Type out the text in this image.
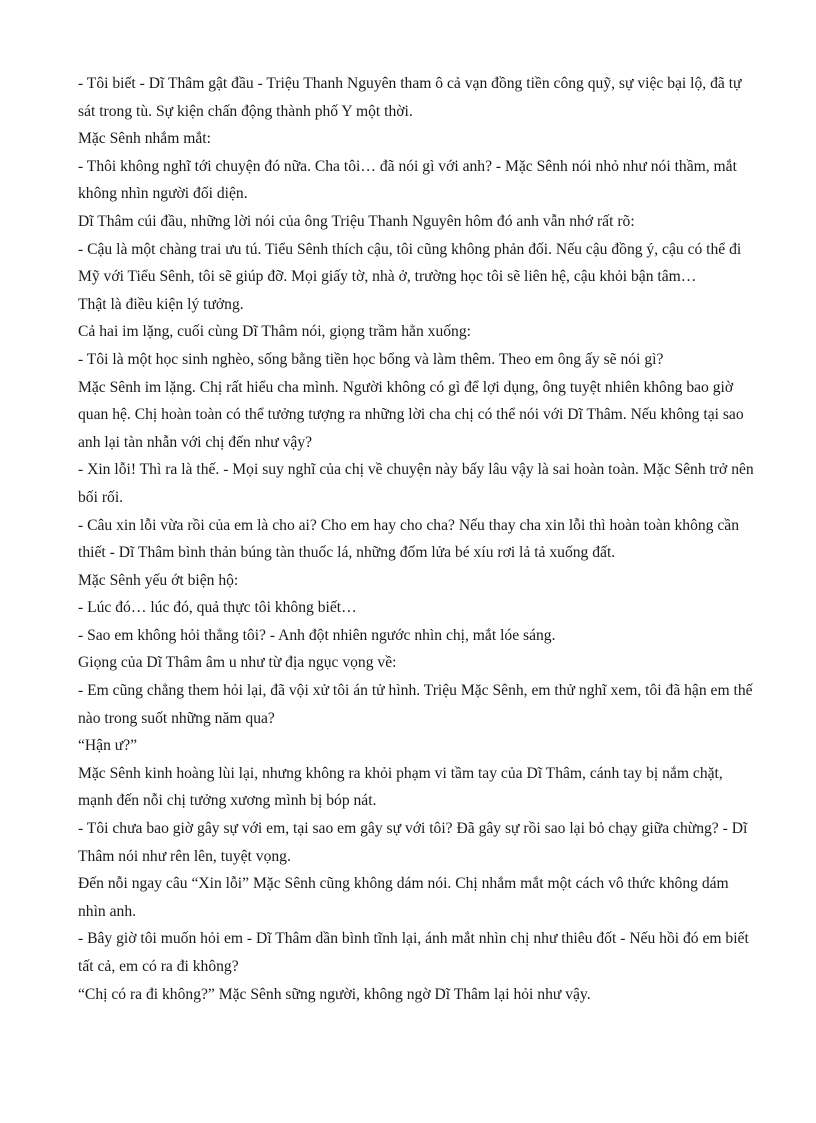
- Tôi biết - Dĩ Thâm gật đầu - Triệu Thanh Nguyên tham ô cả vạn đồng tiền công quỹ, sự việc bại lộ, đã tự sát trong tù. Sự kiện chấn động thành phố Y một thời.

Mặc Sênh nhắm mắt:

- Thôi không nghĩ tới chuyện đó nữa. Cha tôi… đã nói gì với anh? - Mặc Sênh nói nhỏ như nói thầm, mắt không nhìn người đối diện.

Dĩ Thâm cúi đầu, những lời nói của ông Triệu Thanh Nguyên hôm đó anh vẫn nhớ rất rõ:

- Cậu là một chàng trai ưu tú. Tiểu Sênh thích cậu, tôi cũng không phản đối. Nếu cậu đồng ý, cậu có thể đi Mỹ với Tiểu Sênh, tôi sẽ giúp đỡ. Mọi giấy tờ, nhà ở, trường học tôi sẽ liên hệ, cậu khỏi bận tâm…

Thật là điều kiện lý tưởng.

Cả hai im lặng, cuối cùng Dĩ Thâm nói, giọng trầm hẳn xuống:

- Tôi là một học sinh nghèo, sống bằng tiền học bổng và làm thêm. Theo em ông ấy sẽ nói gì?

Mặc Sênh im lặng. Chị rất hiểu cha mình. Người không có gì để lợi dụng, ông tuyệt nhiên không bao giờ quan hệ. Chị hoàn toàn có thể tưởng tượng ra những lời cha chị có thể nói với Dĩ Thâm. Nếu không tại sao anh lại tàn nhẫn với chị đến như vậy?

- Xin lỗi! Thì ra là thế. - Mọi suy nghĩ của chị về chuyện này bấy lâu vậy là sai hoàn toàn. Mặc Sênh trở nên bối rối.

- Câu xin lỗi vừa rồi của em là cho ai? Cho em hay cho cha? Nếu thay cha xin lỗi thì hoàn toàn không cần thiết - Dĩ Thâm bình thản búng tàn thuốc lá, những đốm lửa bé xíu rơi lả tả xuống đất.

Mặc Sênh yếu ớt biện hộ:

- Lúc đó… lúc đó, quả thực tôi không biết…

- Sao em không hỏi thẳng tôi? - Anh đột nhiên ngước nhìn chị, mắt lóe sáng.

Giọng của Dĩ Thâm âm u như từ địa ngục vọng về:

- Em cũng chẳng them hỏi lại, đã vội xử tôi án tử hình. Triệu Mặc Sênh, em thử nghĩ xem, tôi đã hận em thế nào trong suốt những năm qua?

“Hận ư?”

Mặc Sênh kinh hoàng lùi lại, nhưng không ra khỏi phạm vi tầm tay của Dĩ Thâm, cánh tay bị nắm chặt, mạnh đến nỗi chị tưởng xương mình bị bóp nát.

- Tôi chưa bao giờ gây sự với em, tại sao em gây sự với tôi? Đã gây sự rồi sao lại bỏ chạy giữa chừng? - Dĩ Thâm nói như rên lên, tuyệt vọng.

Đến nỗi ngay câu “Xin lỗi” Mặc Sênh cũng không dám nói. Chị nhắm mắt một cách vô thức không dám nhìn anh.

- Bây giờ tôi muốn hỏi em - Dĩ Thâm dần bình tĩnh lại, ánh mắt nhìn chị như thiêu đốt - Nếu hồi đó em biết tất cả, em có ra đi không?

“Chị có ra đi không?” Mặc Sênh sững người, không ngờ Dĩ Thâm lại hỏi như vậy.
